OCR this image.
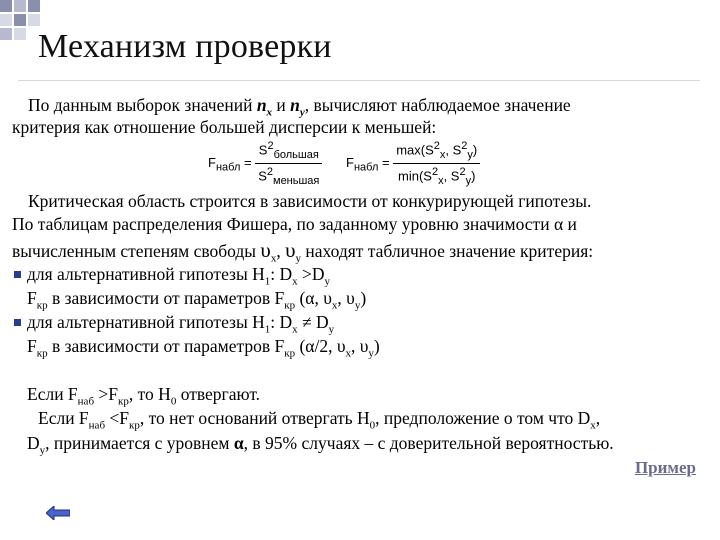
Механизм проверки
По данным выборок значений $n_x$ и $n_y$, вычисляют наблюдаемое значение
критерия как отношение большей дисперсии к меньшей:
$F_{набл} = \frac{S^2_{большая}}{S^2_{меньшая}} F_{набл} = \frac{\max(S^2_x, S^2_y)}{\min(S^2_x, S^2_y)}$
Критическая область строится в зависимости от конкурирующей гипотезы.
По таблицам распределения Фишера, по заданному уровню значимости α и
вычисленным степеням свободы $\upsilon_x$, $\upsilon_y$ находят табличное значение критерия:
для альтернативной гипотезы $H_1$: $D_x >D_y$
$F_{кр}$ в зависимости от параметров $F_{кр}$ (α, $\upsilon_x$, $\upsilon_y$)
для альтернативной гипотезы $H_1$: $D_x \ne D_y$
$F_{кр}$ в зависимости от параметров $F_{кр}$ (α/2, $\upsilon_x$, $\upsilon_y$)
Если $F_{наб} >F_{кр}$, то $H_0$ отвергают.
Если $F_{наб} <F_{кр}$, то нет оснований отвергать $H_0$, предположение о том что $D_x$,
$D_y$, принимается с уровнем α, в 95% случаях – с доверительной вероятностью.
Пример
